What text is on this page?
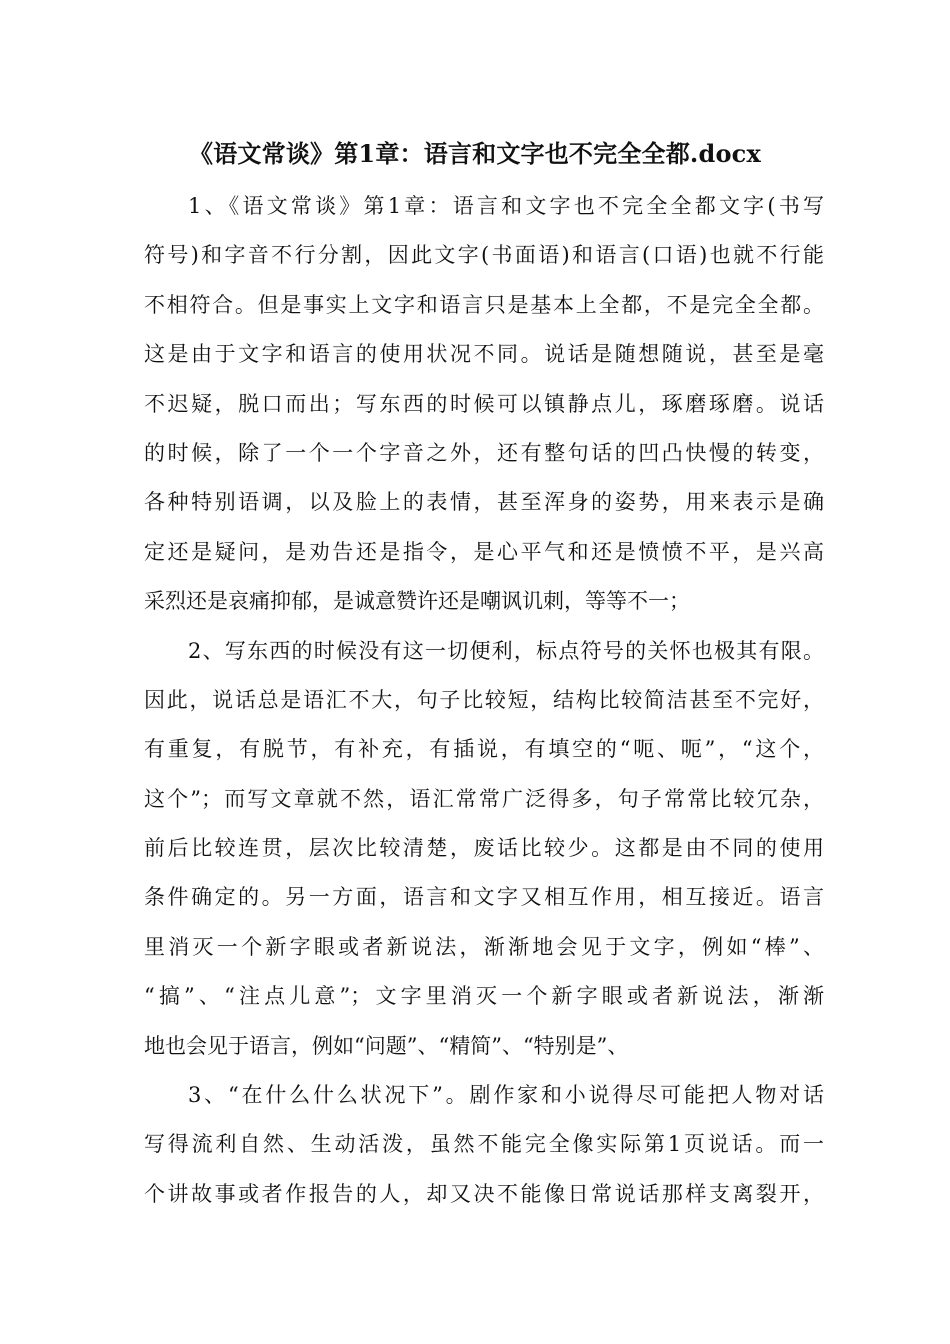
《语文常谈》第1章：语言和文字也不完全全都.docx
1、《语文常谈》第1章：语言和文字也不完全全都文字(书写
符号)和字音不行分割，因此文字(书面语)和语言(口语)也就不行能
不相符合。但是事实上文字和语言只是基本上全都，不是完全全都。
这是由于文字和语言的使用状况不同。说话是随想随说，甚至是毫
不迟疑，脱口而出；写东西的时候可以镇静点儿，琢磨琢磨。说话
的时候，除了一个一个字音之外，还有整句话的凹凸快慢的转变，
各种特别语调，以及脸上的表情，甚至浑身的姿势，用来表示是确
定还是疑问，是劝告还是指令，是心平气和还是愤愤不平，是兴高
采烈还是哀痛抑郁，是诚意赞许还是嘲讽讥刺，等等不一；
2、写东西的时候没有这一切便利，标点符号的关怀也极其有限。
因此，说话总是语汇不大，句子比较短，结构比较简洁甚至不完好，
有重复，有脱节，有补充，有插说，有填空的“呃、呃”，“这个，
这个”；而写文章就不然，语汇常常广泛得多，句子常常比较冗杂，
前后比较连贯，层次比较清楚，废话比较少。这都是由不同的使用
条件确定的。另一方面，语言和文字又相互作用，相互接近。语言
里消灭一个新字眼或者新说法，渐渐地会见于文字，例如“棒”、
“搞”、“注点儿意”；文字里消灭一个新字眼或者新说法，渐渐
地也会见于语言，例如“问题”、“精简”、“特别是”、
3、“在什么什么状况下”。剧作家和小说得尽可能把人物对话
写得流利自然、生动活泼，虽然不能完全像实际第1页说话。而一
个讲故事或者作报告的人，却又决不能像日常说话那样支离裂开，
